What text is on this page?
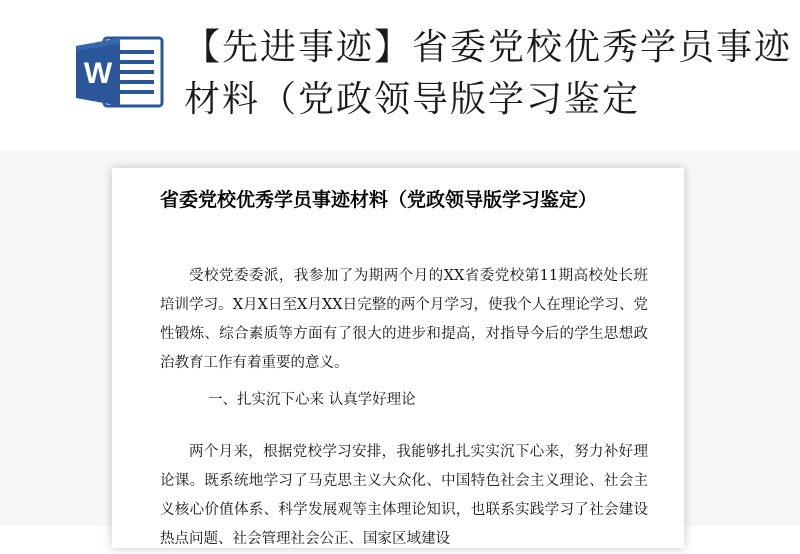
W
【先进事迹】省委党校优秀学员事迹材料（党政领导版学习鉴定
省委党校优秀学员事迹材料（党政领导版学习鉴定）
受校党委委派，我参加了为期两个月的XX省委党校第11期高校处长班培训学习。X月X日至X月XX日完整的两个月学习，使我个人在理论学习、党性锻炼、综合素质等方面有了很大的进步和提高，对指导今后的学生思想政治教育工作有着重要的意义。
一、扎实沉下心来 认真学好理论
两个月来，根据党校学习安排，我能够扎扎实实沉下心来，努力补好理论课。既系统地学习了马克思主义大众化、中国特色社会主义理论、社会主义核心价值体系、科学发展观等主体理论知识，也联系实践学习了社会建设热点问题、社会管理社会公正、国家区域建设
